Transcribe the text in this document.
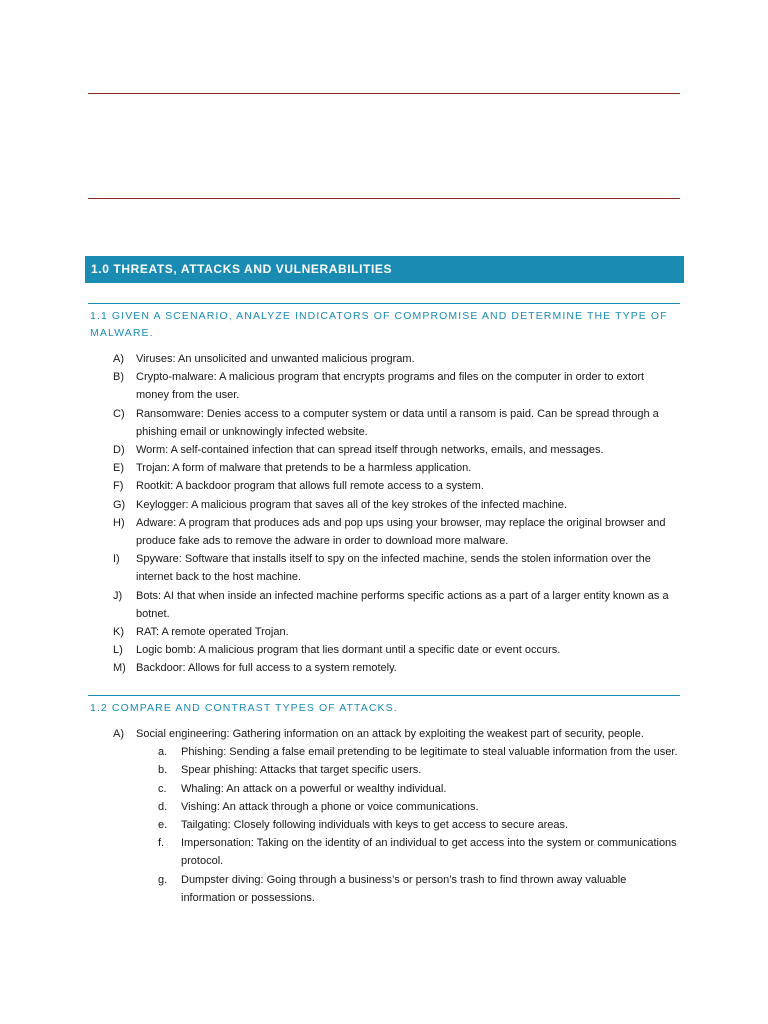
1.0 THREATS, ATTACKS AND VULNERABILITIES
1.1 GIVEN A SCENARIO, ANALYZE INDICATORS OF COMPROMISE AND DETERMINE THE TYPE OF MALWARE.
A) Viruses: An unsolicited and unwanted malicious program.
B) Crypto-malware: A malicious program that encrypts programs and files on the computer in order to extort money from the user.
C) Ransomware: Denies access to a computer system or data until a ransom is paid. Can be spread through a phishing email or unknowingly infected website.
D) Worm: A self-contained infection that can spread itself through networks, emails, and messages.
E) Trojan: A form of malware that pretends to be a harmless application.
F) Rootkit: A backdoor program that allows full remote access to a system.
G) Keylogger: A malicious program that saves all of the key strokes of the infected machine.
H) Adware: A program that produces ads and pop ups using your browser, may replace the original browser and produce fake ads to remove the adware in order to download more malware.
I) Spyware: Software that installs itself to spy on the infected machine, sends the stolen information over the internet back to the host machine.
J) Bots: AI that when inside an infected machine performs specific actions as a part of a larger entity known as a botnet.
K) RAT: A remote operated Trojan.
L) Logic bomb: A malicious program that lies dormant until a specific date or event occurs.
M) Backdoor: Allows for full access to a system remotely.
1.2 COMPARE AND CONTRAST TYPES OF ATTACKS.
A) Social engineering: Gathering information on an attack by exploiting the weakest part of security, people.
a. Phishing: Sending a false email pretending to be legitimate to steal valuable information from the user.
b. Spear phishing: Attacks that target specific users.
c. Whaling: An attack on a powerful or wealthy individual.
d. Vishing: An attack through a phone or voice communications.
e. Tailgating: Closely following individuals with keys to get access to secure areas.
f. Impersonation: Taking on the identity of an individual to get access into the system or communications protocol.
g. Dumpster diving: Going through a business’s or person’s trash to find thrown away valuable information or possessions.
